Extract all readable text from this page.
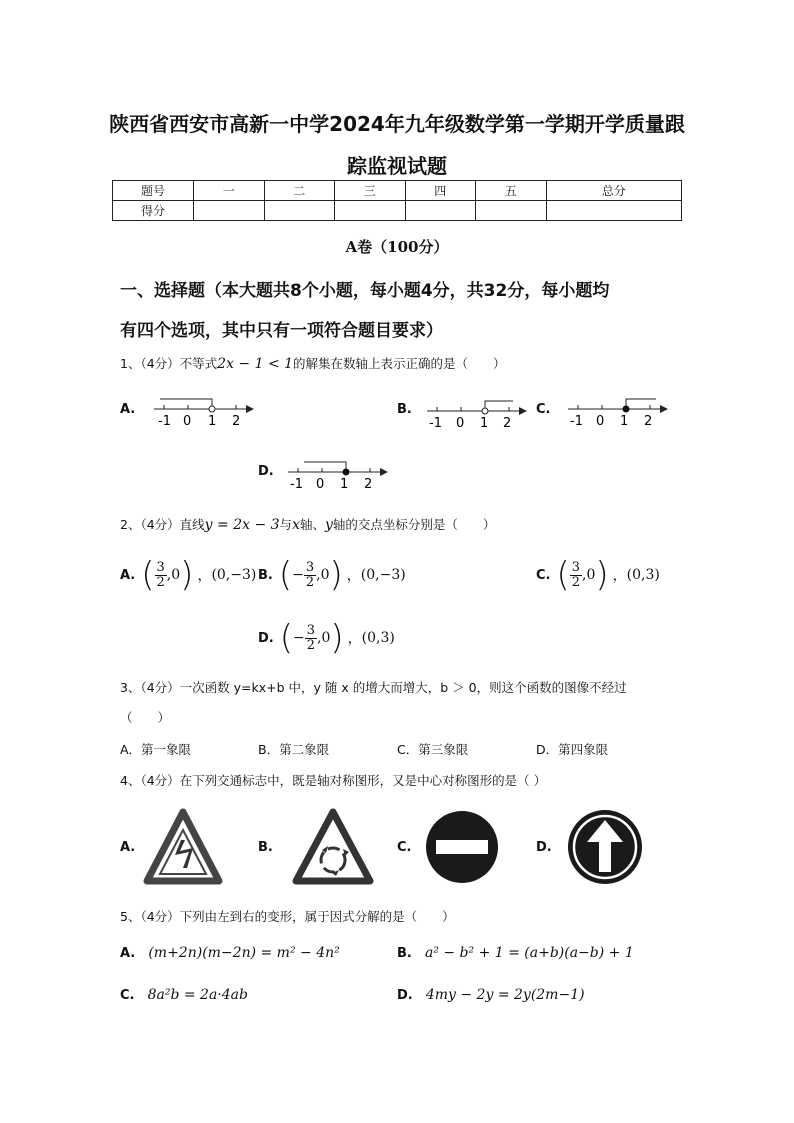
陕西省西安市高新一中学2024年九年级数学第一学期开学质量跟
踪监视试题
题号	一	二	三	四	五	总分
得分						
A卷（100分）
一、选择题（本大题共8个小题，每小题4分，共32分，每小题均
有四个选项，其中只有一项符合题目要求）
1、（4分）不等式2x − 1 < 1的解集在数轴上表示正确的是（　　）
A.
-1 0 1 2
B.
-1 0 1 2
C.
-1 0 1 2
D.
-1 0 1 2
2、（4分）直线y = 2x − 3与x轴、y轴的交点坐标分别是（　　）
A. ( $\frac{3}{2}$ , 0 ) ， (0,−3) B. ( − $\frac{3}{2}$ , 0 ) ， (0,−3)	C. ( $\frac{3}{2}$ , 0 ) ， (0,3)
D. ( − $\frac{3}{2}$ , 0 ) ， (0,3)
3、（4分）一次函数 y=kx+b 中，y 随 x 的增大而增大，b ＞ 0，则这个函数的图像不经过
（　　）
A．第一象限	B．第二象限	C．第三象限	D．第四象限
4、（4分）在下列交通标志中，既是轴对称图形，又是中心对称图形的是（ ）
A.	B.	C.	D.
5、（4分）下列由左到右的变形，属于因式分解的是（　　）
A. (m+2n)(m−2n) = m² − 4n²	B. a² − b² + 1 = (a+b)(a−b) + 1
C. 8a²b = 2a·4ab	D. 4my − 2y = 2y(2m−1)
